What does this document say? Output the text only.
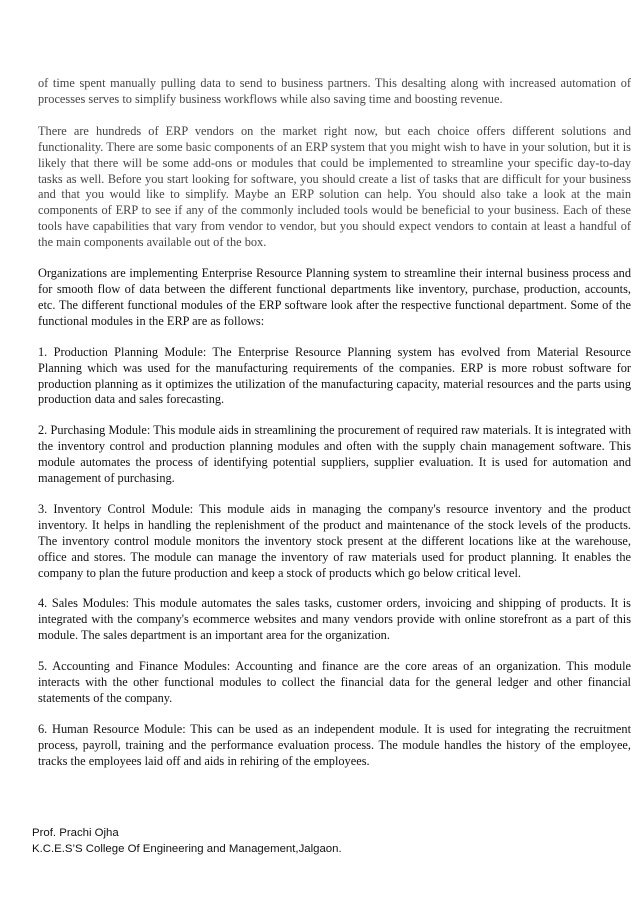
of time spent manually pulling data to send to business partners. This desalting along with increased automation of processes serves to simplify business workflows while also saving time and boosting revenue.

There are hundreds of ERP vendors on the market right now, but each choice offers different solutions and functionality. There are some basic components of an ERP system that you might wish to have in your solution, but it is likely that there will be some add-ons or modules that could be implemented to streamline your specific day-to-day tasks as well. Before you start looking for software, you should create a list of tasks that are difficult for your business and that you would like to simplify. Maybe an ERP solution can help. You should also take a look at the main components of ERP to see if any of the commonly included tools would be beneficial to your business. Each of these tools have capabilities that vary from vendor to vendor, but you should expect vendors to contain at least a handful of the main components available out of the box.

Organizations are implementing Enterprise Resource Planning system to streamline their internal business process and for smooth flow of data between the different functional departments like inventory, purchase, production, accounts, etc. The different functional modules of the ERP software look after the respective functional department. Some of the functional modules in the ERP are as follows:

1. Production Planning Module: The Enterprise Resource Planning system has evolved from Material Resource Planning which was used for the manufacturing requirements of the companies. ERP is more robust software for production planning as it optimizes the utilization of the manufacturing capacity, material resources and the parts using production data and sales forecasting.

2. Purchasing Module: This module aids in streamlining the procurement of required raw materials. It is integrated with the inventory control and production planning modules and often with the supply chain management software. This module automates the process of identifying potential suppliers, supplier evaluation. It is used for automation and management of purchasing.

3. Inventory Control Module: This module aids in managing the company's resource inventory and the product inventory. It helps in handling the replenishment of the product and maintenance of the stock levels of the products. The inventory control module monitors the inventory stock present at the different locations like at the warehouse, office and stores. The module can manage the inventory of raw materials used for product planning. It enables the company to plan the future production and keep a stock of products which go below critical level.

4. Sales Modules: This module automates the sales tasks, customer orders, invoicing and shipping of products. It is integrated with the company's ecommerce websites and many vendors provide with online storefront as a part of this module. The sales department is an important area for the organization.

5. Accounting and Finance Modules: Accounting and finance are the core areas of an organization. This module interacts with the other functional modules to collect the financial data for the general ledger and other financial statements of the company.

6. Human Resource Module: This can be used as an independent module. It is used for integrating the recruitment process, payroll, training and the performance evaluation process. The module handles the history of the employee, tracks the employees laid off and aids in rehiring of the employees.

Prof. Prachi Ojha
K.C.E.S’S College Of Engineering and Management,Jalgaon.
